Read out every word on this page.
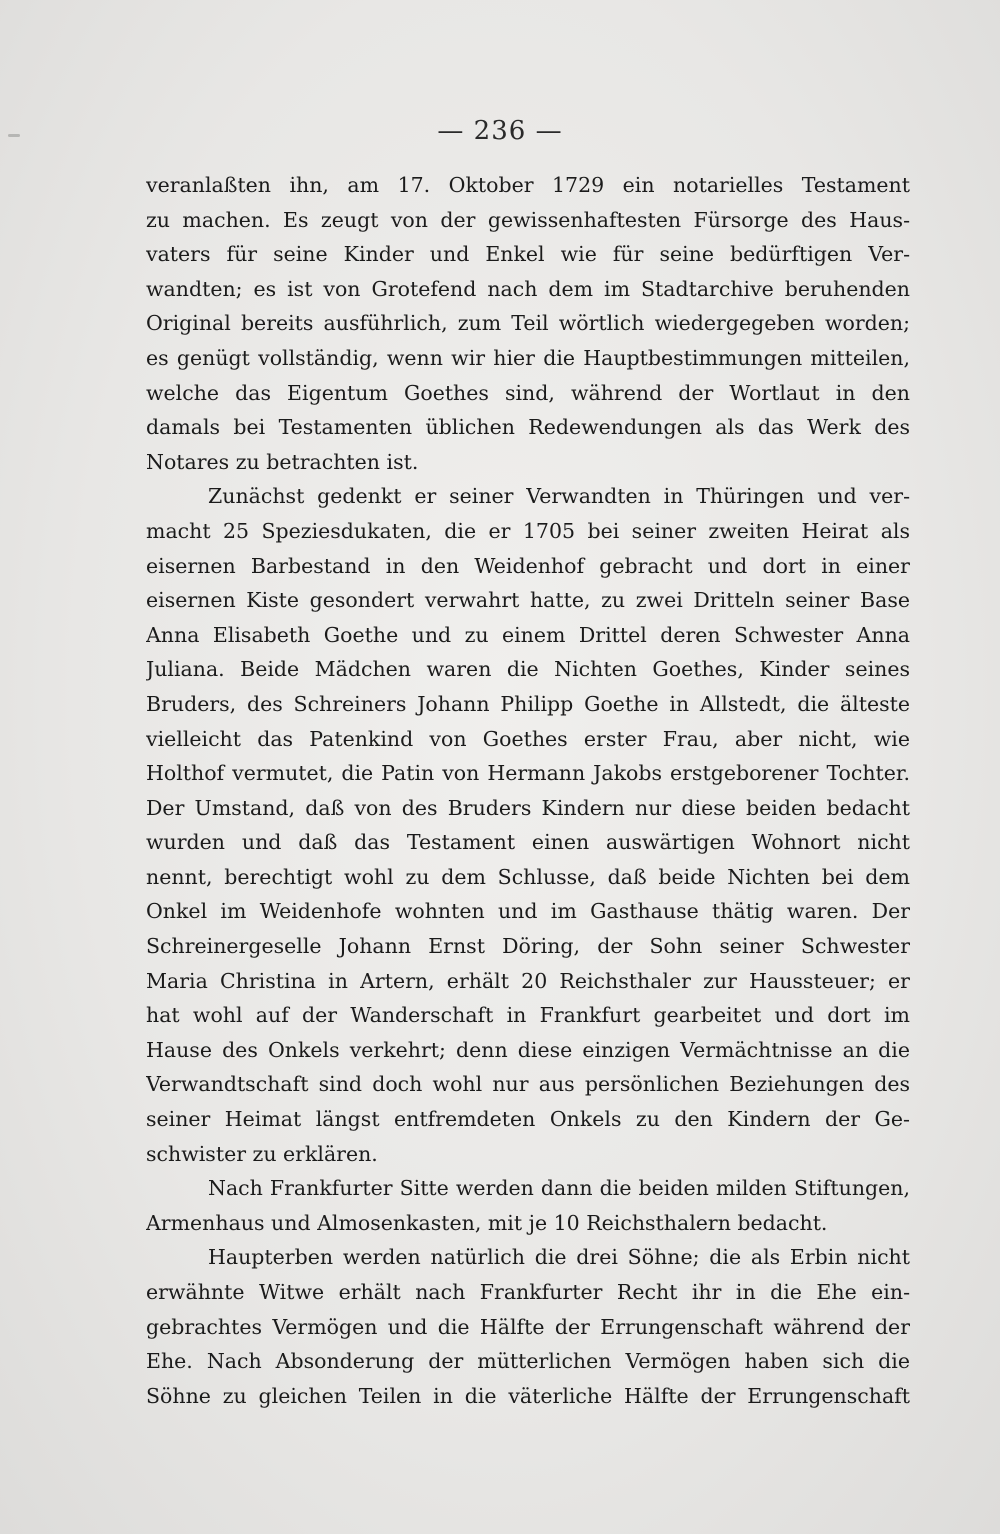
— 236 —
veranlaßten ihn, am 17. Oktober 1729 ein notarielles Testament
zu machen. Es zeugt von der gewissenhaftesten Fürsorge des Haus-
vaters für seine Kinder und Enkel wie für seine bedürftigen Ver-
wandten; es ist von Grotefend nach dem im Stadtarchive beruhenden
Original bereits ausführlich, zum Teil wörtlich wiedergegeben worden;
es genügt vollständig, wenn wir hier die Hauptbestimmungen mitteilen,
welche das Eigentum Goethes sind, während der Wortlaut in den
damals bei Testamenten üblichen Redewendungen als das Werk des
Notares zu betrachten ist.
Zunächst gedenkt er seiner Verwandten in Thüringen und ver-
macht 25 Speziesdukaten, die er 1705 bei seiner zweiten Heirat als
eisernen Barbestand in den Weidenhof gebracht und dort in einer
eisernen Kiste gesondert verwahrt hatte, zu zwei Dritteln seiner Base
Anna Elisabeth Goethe und zu einem Drittel deren Schwester Anna
Juliana. Beide Mädchen waren die Nichten Goethes, Kinder seines
Bruders, des Schreiners Johann Philipp Goethe in Allstedt, die älteste
vielleicht das Patenkind von Goethes erster Frau, aber nicht, wie
Holthof vermutet, die Patin von Hermann Jakobs erstgeborener Tochter.
Der Umstand, daß von des Bruders Kindern nur diese beiden bedacht
wurden und daß das Testament einen auswärtigen Wohnort nicht
nennt, berechtigt wohl zu dem Schlusse, daß beide Nichten bei dem
Onkel im Weidenhofe wohnten und im Gasthause thätig waren. Der
Schreinergeselle Johann Ernst Döring, der Sohn seiner Schwester
Maria Christina in Artern, erhält 20 Reichsthaler zur Haussteuer; er
hat wohl auf der Wanderschaft in Frankfurt gearbeitet und dort im
Hause des Onkels verkehrt; denn diese einzigen Vermächtnisse an die
Verwandtschaft sind doch wohl nur aus persönlichen Beziehungen des
seiner Heimat längst entfremdeten Onkels zu den Kindern der Ge-
schwister zu erklären.
Nach Frankfurter Sitte werden dann die beiden milden Stiftungen,
Armenhaus und Almosenkasten, mit je 10 Reichsthalern bedacht.
Haupterben werden natürlich die drei Söhne; die als Erbin nicht
erwähnte Witwe erhält nach Frankfurter Recht ihr in die Ehe ein-
gebrachtes Vermögen und die Hälfte der Errungenschaft während der
Ehe. Nach Absonderung der mütterlichen Vermögen haben sich die
Söhne zu gleichen Teilen in die väterliche Hälfte der Errungenschaft
